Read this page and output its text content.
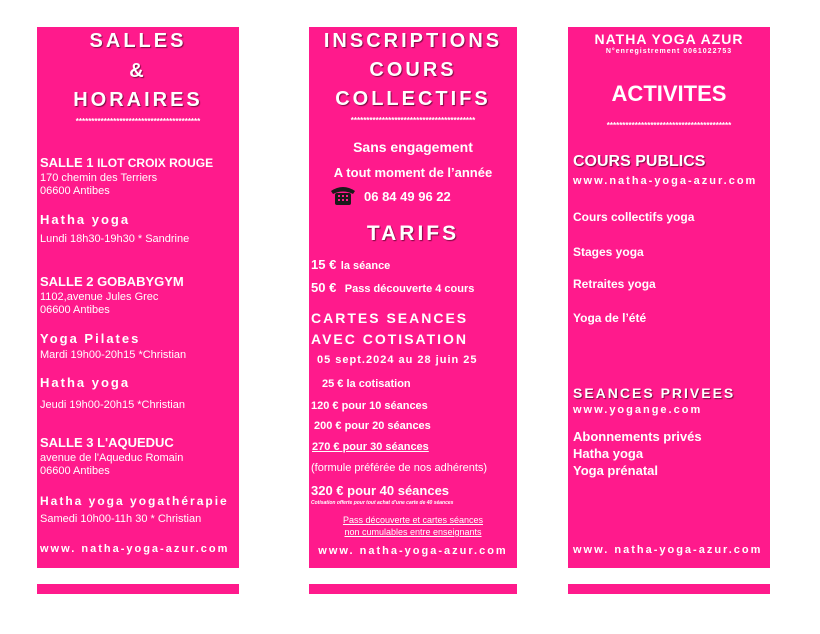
SALLES
&
HORAIRES
****************************************
SALLE 1 ILOT CROIX ROUGE
170 chemin des Terriers
06600 Antibes
Hatha yoga
Lundi 18h30-19h30 * Sandrine
SALLE 2 GOBABYGYM
1102,avenue Jules Grec
06600 Antibes
Yoga Pilates
Mardi 19h00-20h15 *Christian
Hatha yoga
Jeudi 19h00-20h15 *Christian
SALLE 3 L'AQUEDUC
avenue de l'Aqueduc Romain
06600 Antibes
Hatha yoga yogathérapie
Samedi 10h00-11h 30 * Christian
www. natha-yoga-azur.com
INSCRIPTIONS
COURS
COLLECTIFS
****************************************
Sans engagement
A tout moment de l’année
06 84 49 96 22
TARIFS
15 € la séance
50 € Pass découverte 4 cours
CARTES SEANCES
AVEC COTISATION
05 sept.2024 au 28 juin 25
25 € la cotisation
120 € pour 10 séances
200 € pour 20 séances
270 € pour 30 séances
(formule préférée de nos adhérents)
320 € pour 40 séances
Cotisation offerte pour tout achat d’une carte de 40 séances
Pass découverte et cartes séances
non cumulables entre enseignants
www. natha-yoga-azur.com
NATHA YOGA AZUR
N°enregistrement 0061022753
ACTIVITES
****************************************
COURS PUBLICS
www.natha-yoga-azur.com
Cours collectifs yoga
Stages yoga
Retraites yoga
Yoga de l’été
SEANCES PRIVEES
www.yogange.com
Abonnements privés
Hatha yoga
Yoga prénatal
www. natha-yoga-azur.com
